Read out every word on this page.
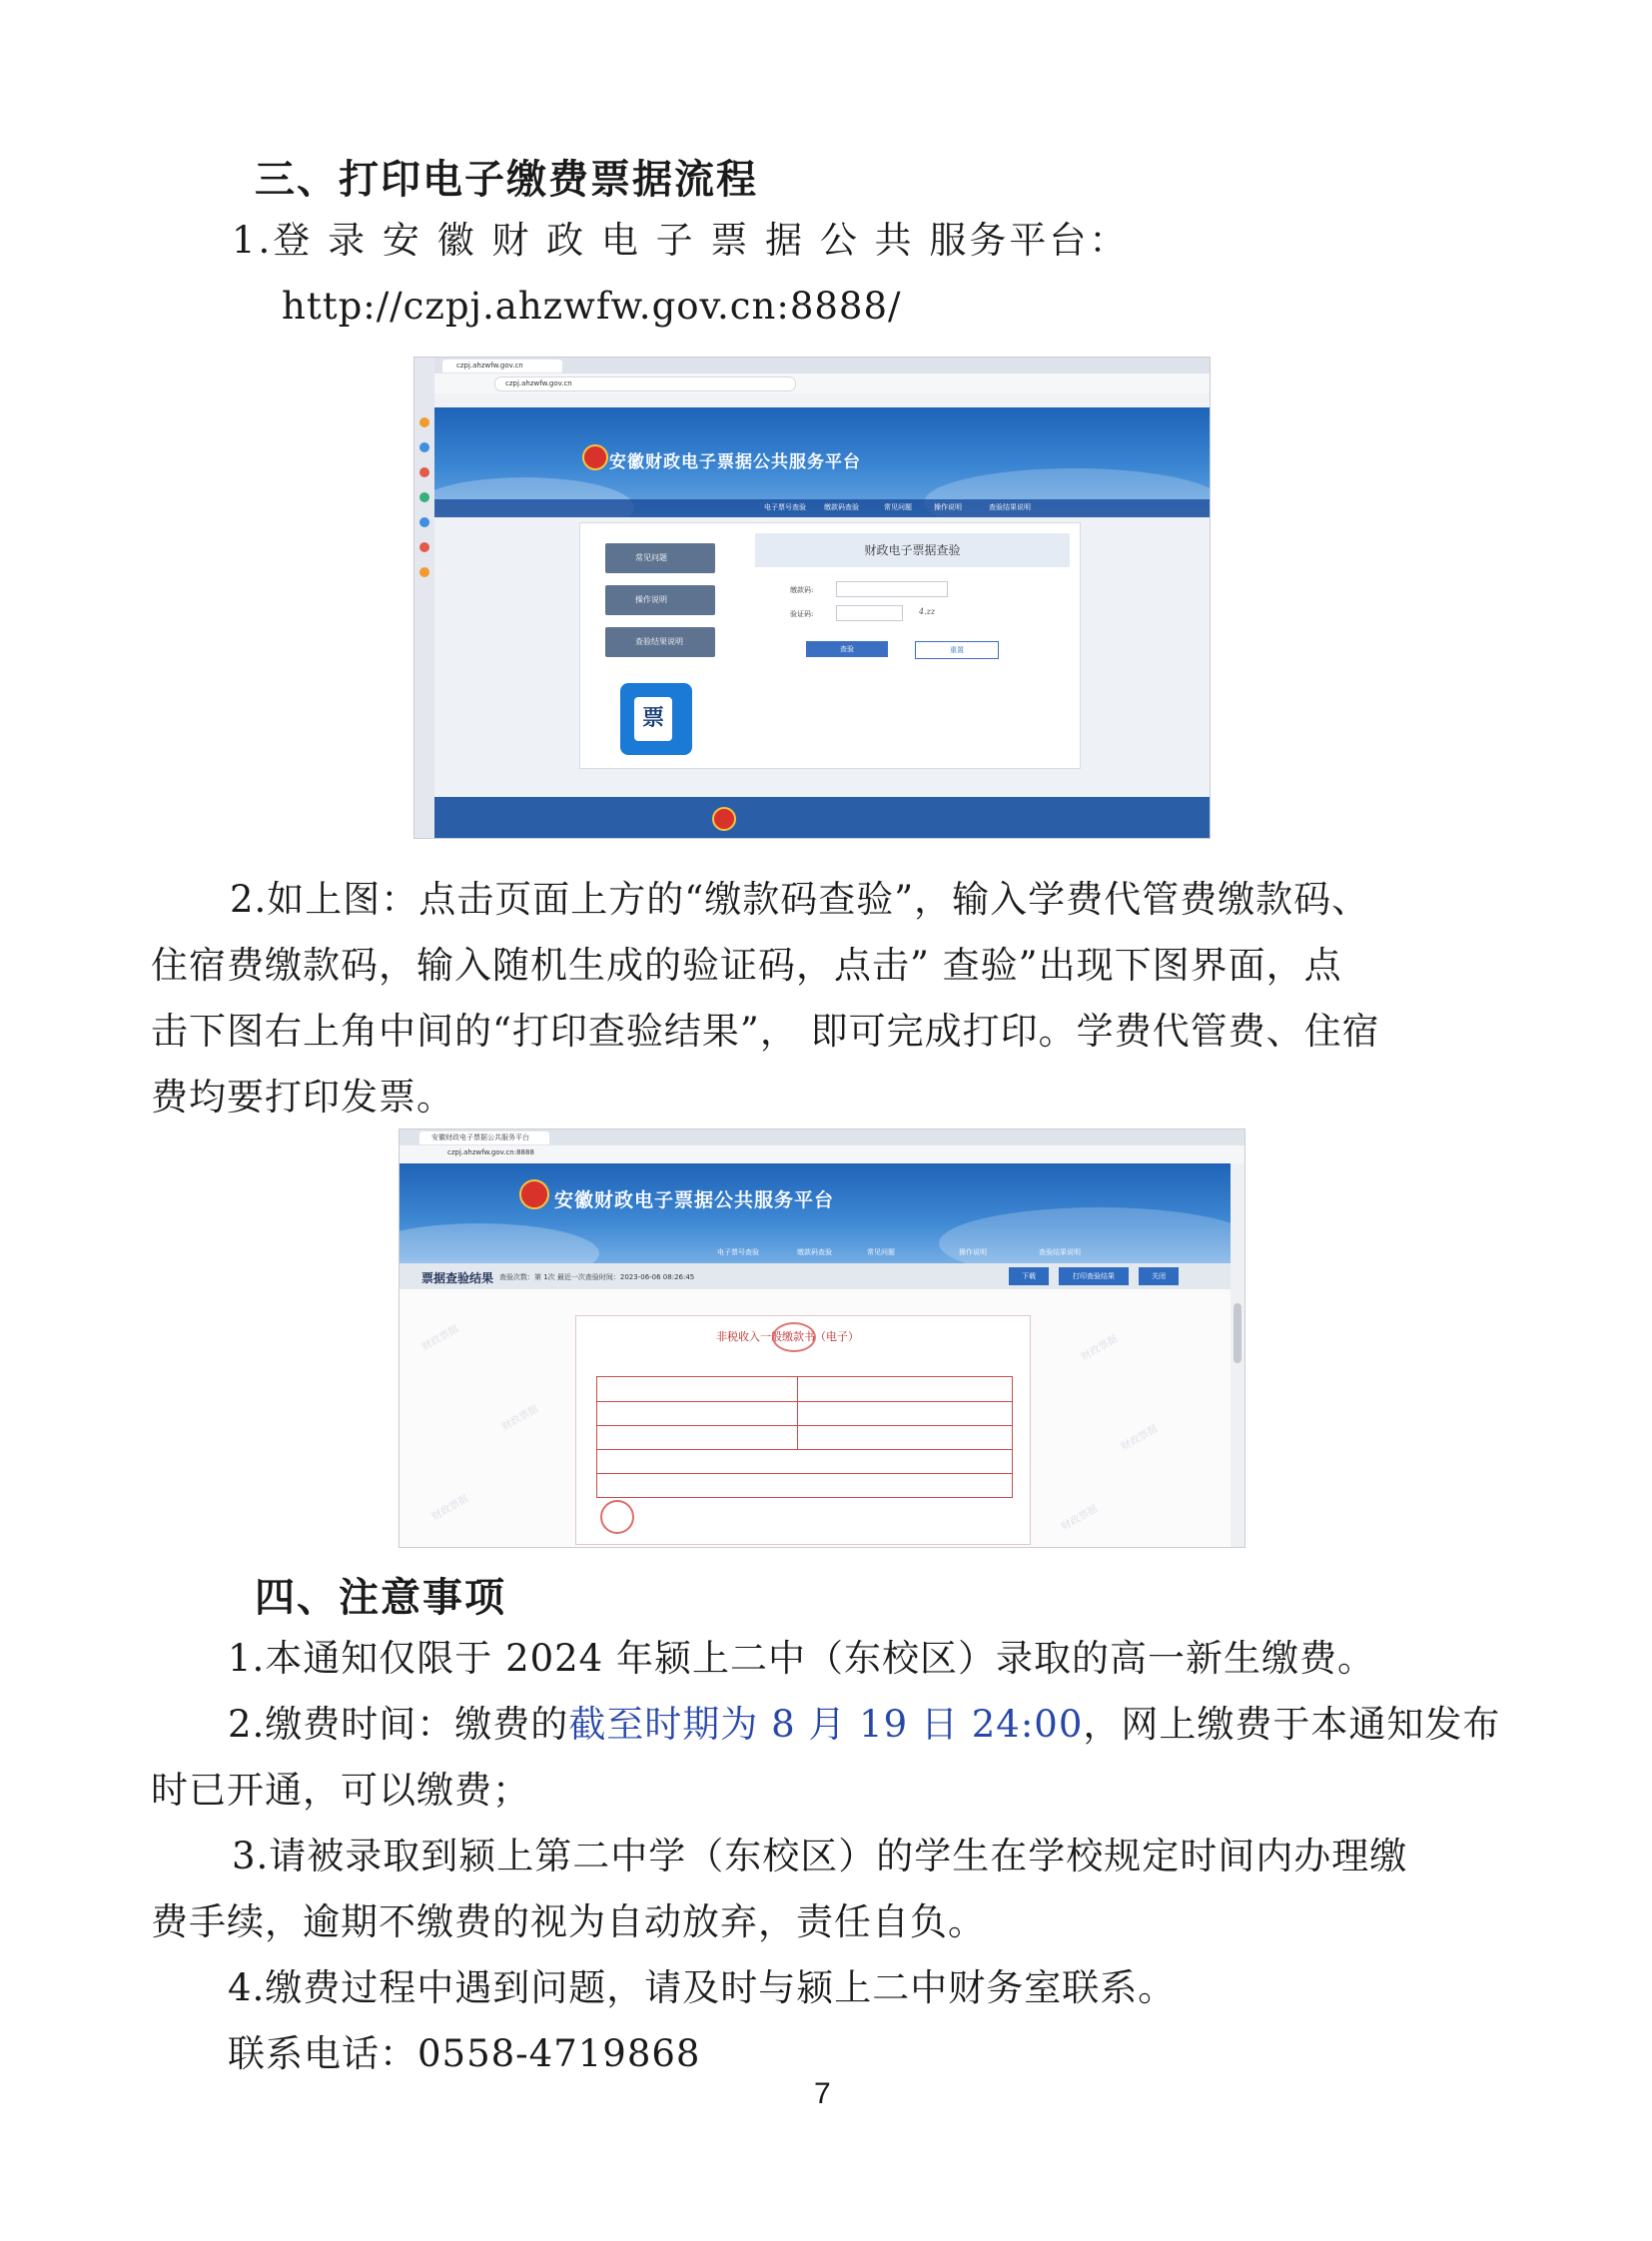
三、打印电子缴费票据流程
1.登 录 安 徽 财 政 电 子 票 据 公 共 服务平台：
http://czpj.ahzwfw.gov.cn:8888/
czpj.ahzwfw.gov.cn
czpj.ahzwfw.gov.cn
安徽财政电子票据公共服务平台
电子票号查验	缴款码查验	常见问题	操作说明	查验结果说明
常见问题
操作说明
查验结果说明
票
财政电子票据查验
缴款码:
验证码:	4.zz
查验	重置
2.如上图：点击页面上方的“缴款码查验”，输入学费代管费缴款码、
住宿费缴款码，输入随机生成的验证码，点击” 查验”出现下图界面，点
击下图右上角中间的“打印查验结果”， 即可完成打印。学费代管费、住宿
费均要打印发票。
安徽财政电子票据公共服务平台
czpj.ahzwfw.gov.cn:8888
安徽财政电子票据公共服务平台
电子票号查验	缴款码查验	常见问题	操作说明	查验结果说明
票据查验结果 查验次数：第 1次 最近一次查验时间：2023-06-06 08:26:45	下载	打印查验结果	关闭
财政票据
财政票据
财政票据
财政票据
财政票据
财政票据
非税收入一般缴款书（电子）
四、注意事项
1.本通知仅限于 2024 年颍上二中（东校区）录取的高一新生缴费。
2.缴费时间：缴费的截至时期为 8 月 19 日 24:00，网上缴费于本通知发布
时已开通，可以缴费；
3.请被录取到颍上第二中学（东校区）的学生在学校规定时间内办理缴
费手续，逾期不缴费的视为自动放弃，责任自负。
4.缴费过程中遇到问题，请及时与颍上二中财务室联系。
联系电话：0558-4719868
7
